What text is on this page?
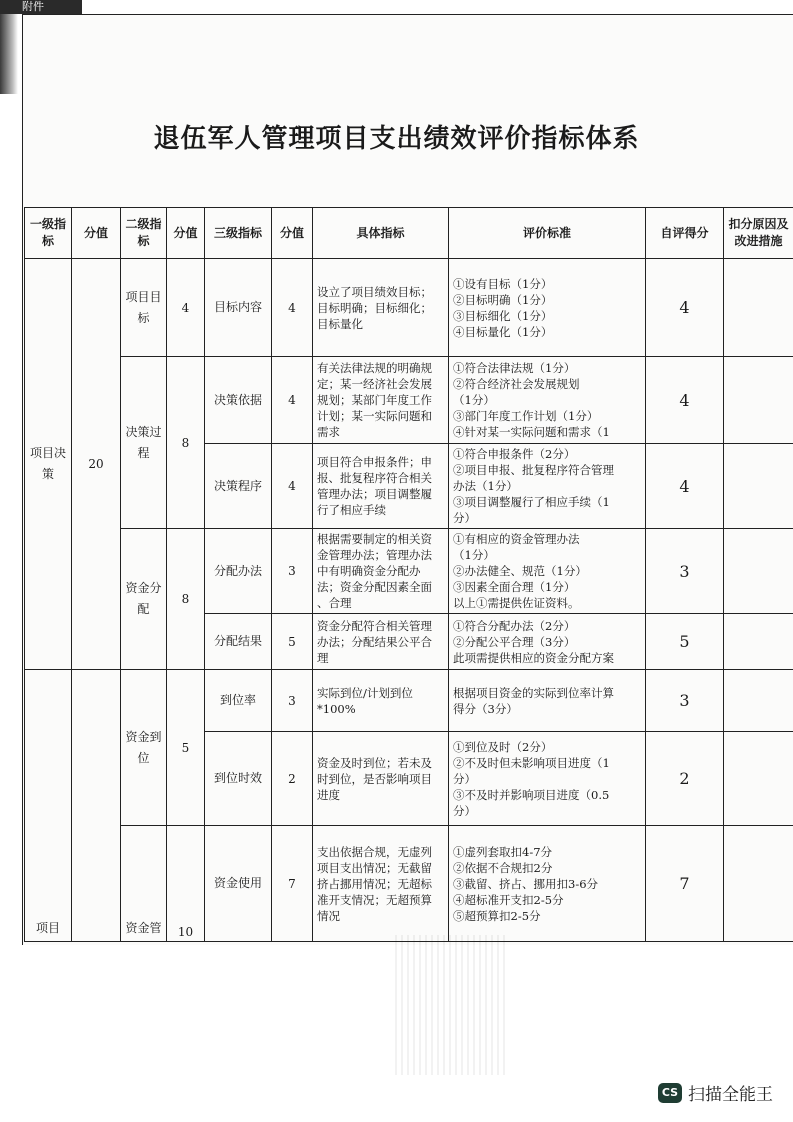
附件
退伍军人管理项目支出绩效评价指标体系
一级指标	分值	二级指标	分值	三级指标	分值	具体指标	评价标准	自评得分	扣分原因及改进措施
项目决策	20	项目目标	4	目标内容	4	设立了项目绩效目标；
目标明确；目标细化；
目标量化	①设有目标（1分）
②目标明确（1分）
③目标细化（1分）
④目标量化（1分）	4	
		决策过程	8	决策依据	4	有关法律法规的明确规
定；某一经济社会发展
规划；某部门年度工作
计划；某一实际问题和
需求	①符合法律法规（1分）
②符合经济社会发展规划
（1分）
③部门年度工作计划（1分）
④针对某一实际问题和需求（1	4	
				决策程序	4	项目符合申报条件；申
报、批复程序符合相关
管理办法；项目调整履
行了相应手续	①符合申报条件（2分）
②项目申报、批复程序符合管理
办法（1分）
③项目调整履行了相应手续（1
分）	4	
		资金分配	8	分配办法	3	根据需要制定的相关资
金管理办法；管理办法
中有明确资金分配办
法；资金分配因素全面
、合理	①有相应的资金管理办法
（1分）
②办法健全、规范（1分）
③因素全面合理（1分）
以上①需提供佐证资料。	3	
				分配结果	5	资金分配符合相关管理
办法；分配结果公平合
理	①符合分配办法（2分）
②分配公平合理（3分）
此项需提供相应的资金分配方案	5	

项目		资金到位	5	到位率	3	实际到位/计划到位
*100%	根据项目资金的实际到位率计算
得分（3分）	3	
				到位时效	2	资金及时到位；若未及
时到位，是否影响项目
进度	①到位及时（2分）
②不及时但未影响项目进度（1
分）
③不及时并影响项目进度（0.5
分）	2	
		资金管	10	资金使用	7	支出依据合规，无虚列
项目支出情况；无截留
挤占挪用情况；无超标
准开支情况；无超预算
情况	①虚列套取扣4-7分
②依据不合规扣2分
③截留、挤占、挪用扣3-6分
④超标准开支扣2-5分
⑤超预算扣2-5分	7	
CS 扫描全能王
